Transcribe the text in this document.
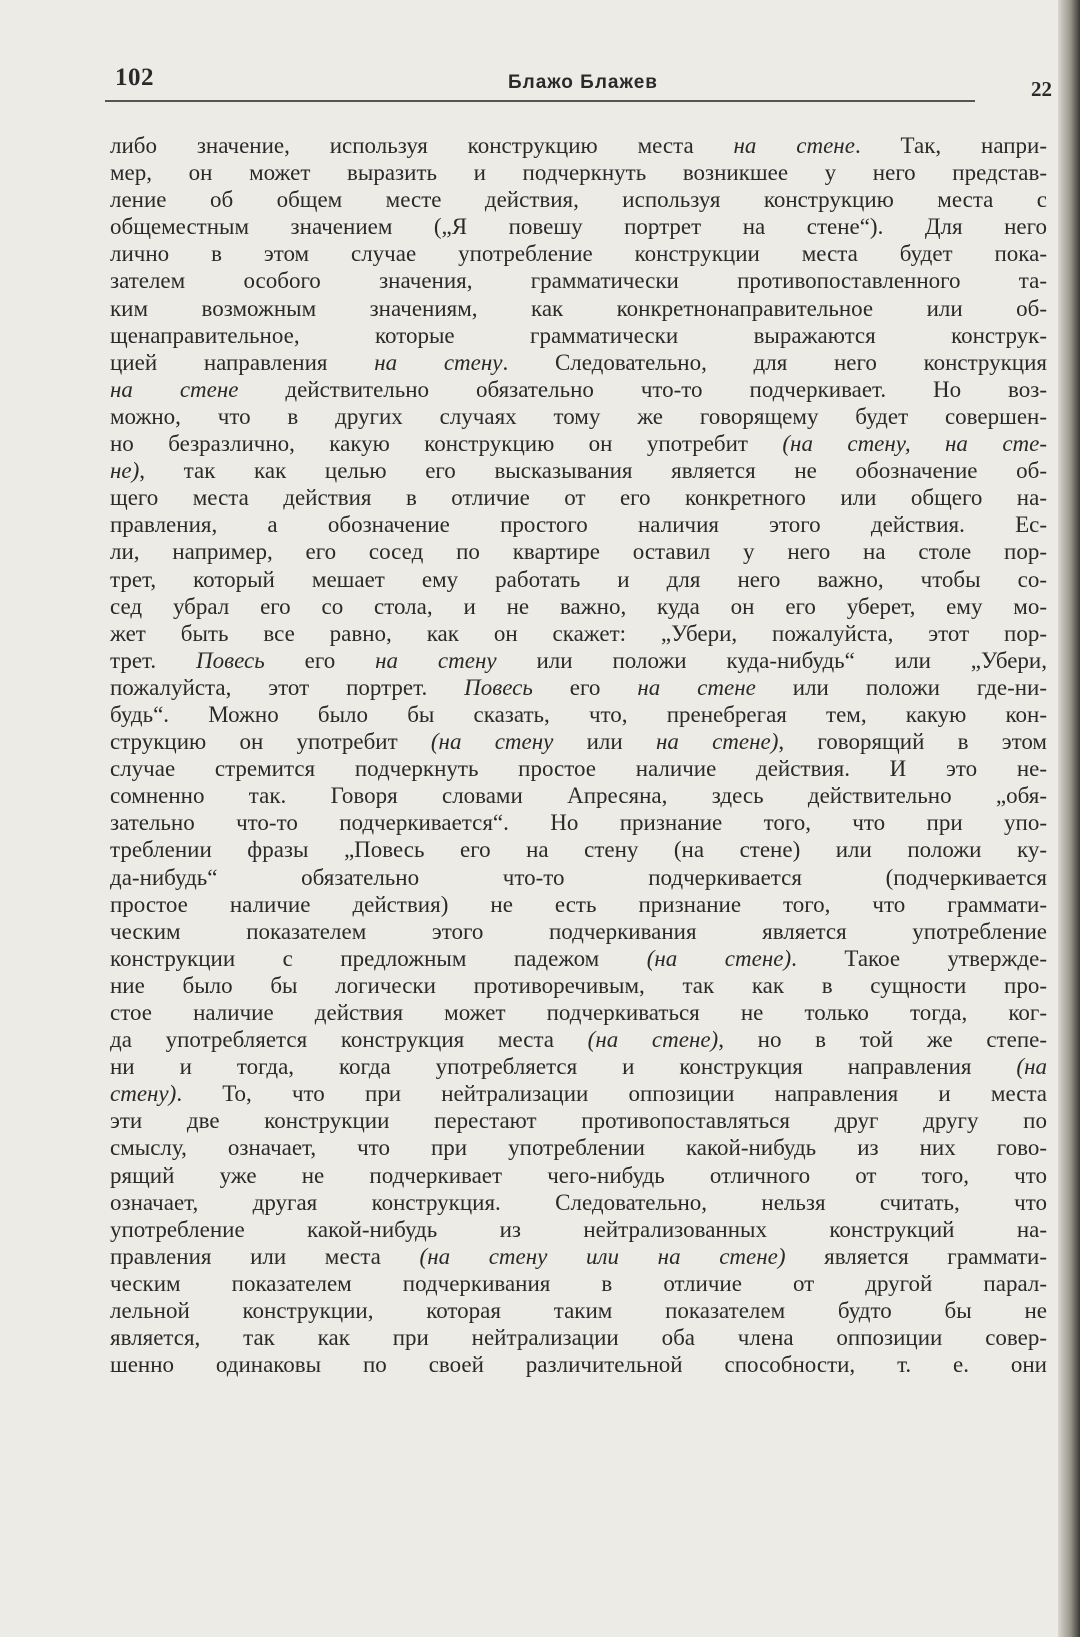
102	Блажо Блажев	22
либо значение, используя конструкцию места на стене. Так, напри-
мер, он может выразить и подчеркнуть возникшее у него представ-
ление об общем месте действия, используя конструкцию места с
общеместным значением („Я повешу портрет на стене“). Для него
лично в этом случае употребление конструкции места будет пока-
зателем особого значения, грамматически противопоставленного та-
ким возможным значениям, как конкретнонаправительное или об-
щенаправительное, которые грамматически выражаются конструк-
цией направления на стену. Следовательно, для него конструкция
на стене действительно обязательно что-то подчеркивает. Но воз-
можно, что в других случаях тому же говорящему будет совершен-
но безразлично, какую конструкцию он употребит (на стену, на сте-
не), так как целью его высказывания является не обозначение об-
щего места действия в отличие от его конкретного или общего на-
правления, а обозначение простого наличия этого действия. Ес-
ли, например, его сосед по квартире оставил у него на столе пор-
трет, который мешает ему работать и для него важно, чтобы со-
сед убрал его со стола, и не важно, куда он его уберет, ему мо-
жет быть все равно, как он скажет: „Убери, пожалуйста, этот пор-
трет. Повесь его на стену или положи куда-нибудь“ или „Убери,
пожалуйста, этот портрет. Повесь его на стене или положи где-ни-
будь“. Можно было бы сказать, что, пренебрегая тем, какую кон-
струкцию он употребит (на стену или на стене), говорящий в этом
случае стремится подчеркнуть простое наличие действия. И это не-
сомненно так. Говоря словами Апресяна, здесь действительно „обя-
зательно что-то подчеркивается“. Но признание того, что при упо-
треблении фразы „Повесь его на стену (на стене) или положи ку-
да-нибудь“ обязательно что-то подчеркивается (подчеркивается
простое наличие действия) не есть признание того, что граммати-
ческим показателем этого подчеркивания является употребление
конструкции с предложным падежом (на стене). Такое утвержде-
ние было бы логически противоречивым, так как в сущности про-
стое наличие действия может подчеркиваться не только тогда, ког-
да употребляется конструкция места (на стене), но в той же степе-
ни и тогда, когда употребляется и конструкция направления (на
стену). То, что при нейтрализации оппозиции направления и места
эти две конструкции перестают противопоставляться друг другу по
смыслу, означает, что при употреблении какой-нибудь из них гово-
рящий уже не подчеркивает чего-нибудь отличного от того, что
означает, другая конструкция. Следовательно, нельзя считать, что
употребление какой-нибудь из нейтрализованных конструкций на-
правления или места (на стену или на стене) является граммати-
ческим показателем подчеркивания в отличие от другой парал-
лельной конструкции, которая таким показателем будто бы не
является, так как при нейтрализации оба члена оппозиции совер-
шенно одинаковы по своей различительной способности, т. е. они
